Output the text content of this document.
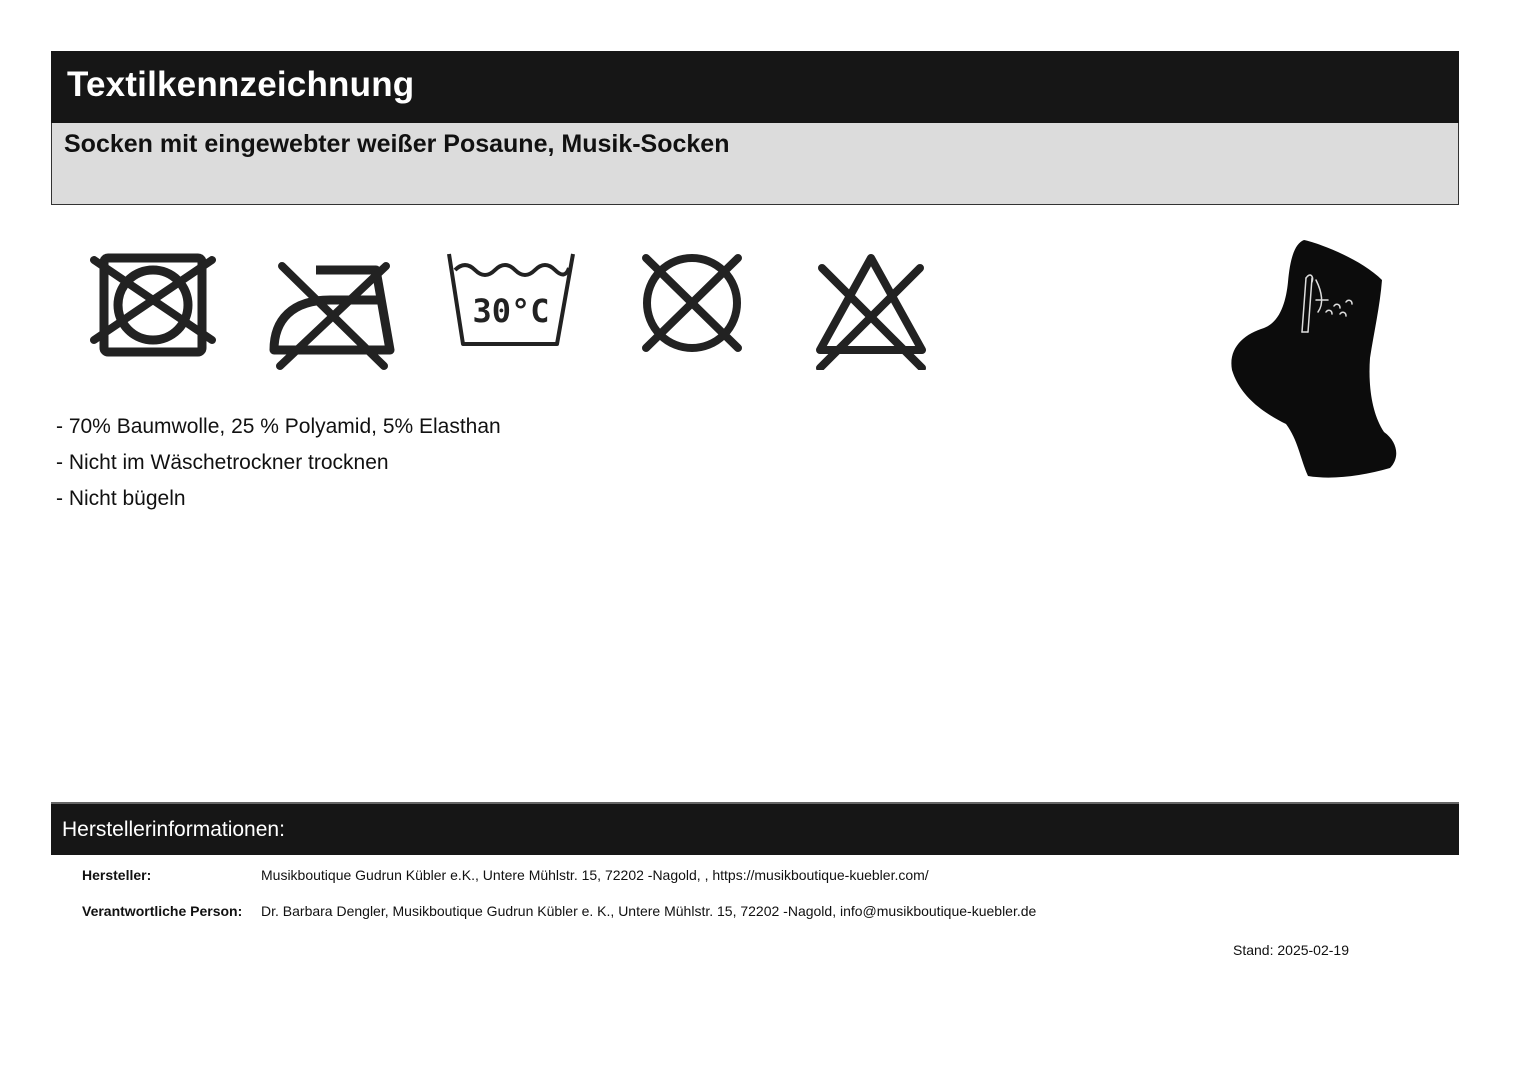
Textilkennzeichnung
Socken mit eingewebter weißer Posaune, Musik-Socken
30°C
- 70% Baumwolle, 25 % Polyamid, 5% Elasthan
- Nicht im Wäschetrockner trocknen
- Nicht bügeln
Herstellerinformationen:
Hersteller:	Musikboutique Gudrun Kübler e.K., Untere Mühlstr. 15, 72202 -Nagold, , https://musikboutique-kuebler.com/
Verantwortliche Person: Dr. Barbara Dengler, Musikboutique Gudrun Kübler e. K., Untere Mühlstr. 15, 72202 -Nagold, info@musikboutique-kuebler.de
Stand: 2025-02-19
